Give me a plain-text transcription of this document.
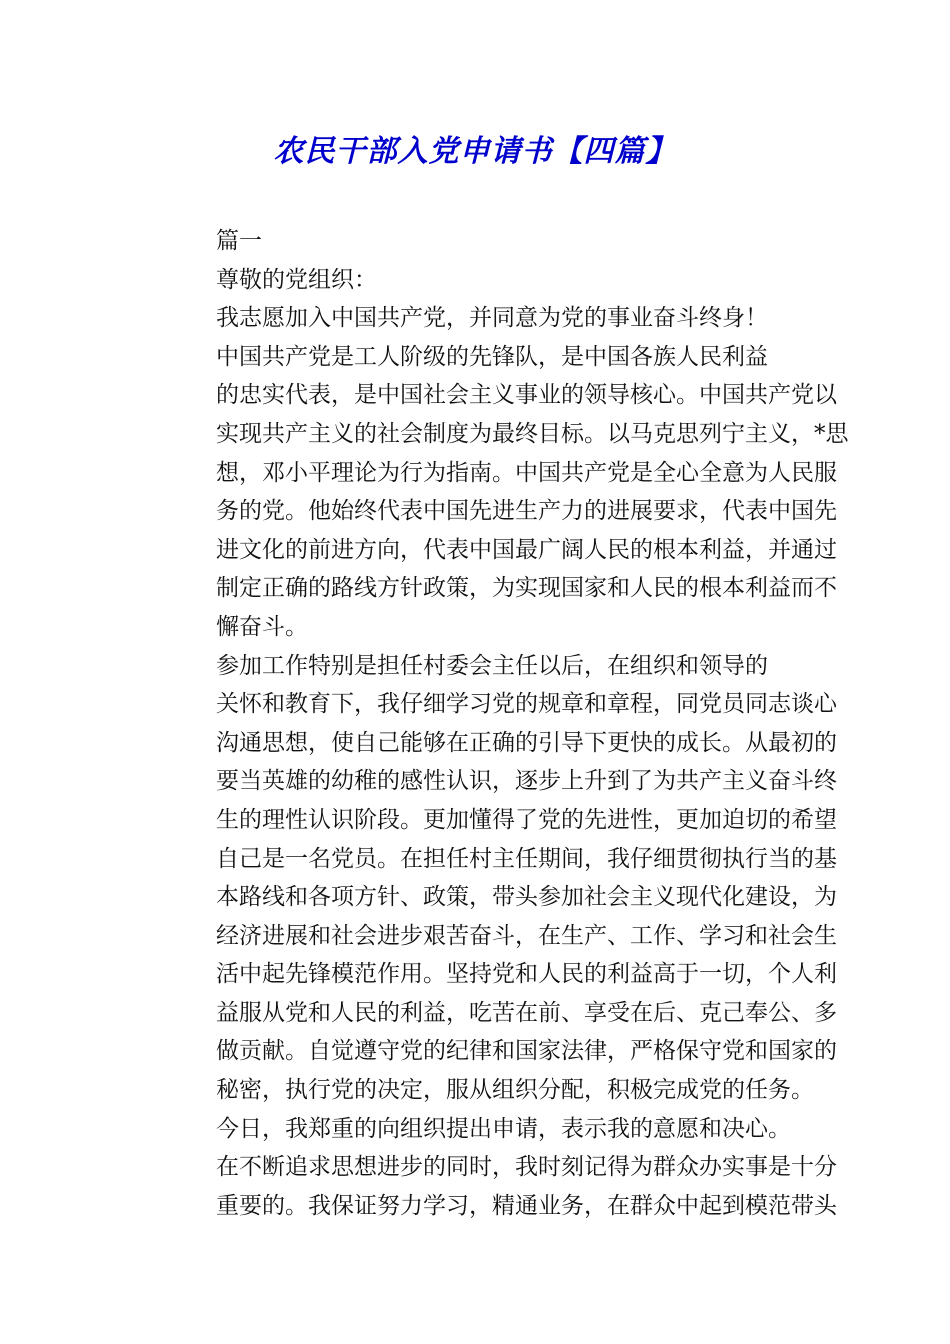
农民干部入党申请书【四篇】

篇一

尊敬的党组织：

我志愿加入中国共产党，并同意为党的事业奋斗终身！

中国共产党是工人阶级的先锋队，是中国各族人民利益
的忠实代表，是中国社会主义事业的领导核心。中国共产党以
实现共产主义的社会制度为最终目标。以马克思列宁主义，*思
想，邓小平理论为行为指南。中国共产党是全心全意为人民服
务的党。他始终代表中国先进生产力的进展要求，代表中国先
进文化的前进方向，代表中国最广阔人民的根本利益，并通过
制定正确的路线方针政策，为实现国家和人民的根本利益而不
懈奋斗。

参加工作特别是担任村委会主任以后，在组织和领导的
关怀和教育下，我仔细学习党的规章和章程，同党员同志谈心
沟通思想，使自己能够在正确的引导下更快的成长。从最初的
要当英雄的幼稚的感性认识，逐步上升到了为共产主义奋斗终
生的理性认识阶段。更加懂得了党的先进性，更加迫切的希望
自己是一名党员。在担任村主任期间，我仔细贯彻执行当的基
本路线和各项方针、政策，带头参加社会主义现代化建设，为
经济进展和社会进步艰苦奋斗，在生产、工作、学习和社会生
活中起先锋模范作用。坚持党和人民的利益高于一切，个人利
益服从党和人民的利益，吃苦在前、享受在后、克己奉公、多
做贡献。自觉遵守党的纪律和国家法律，严格保守党和国家的
秘密，执行党的决定，服从组织分配，积极完成党的任务。

今日，我郑重的向组织提出申请，表示我的意愿和决心。
在不断追求思想进步的同时，我时刻记得为群众办实事是十分
重要的。我保证努力学习，精通业务，在群众中起到模范带头
